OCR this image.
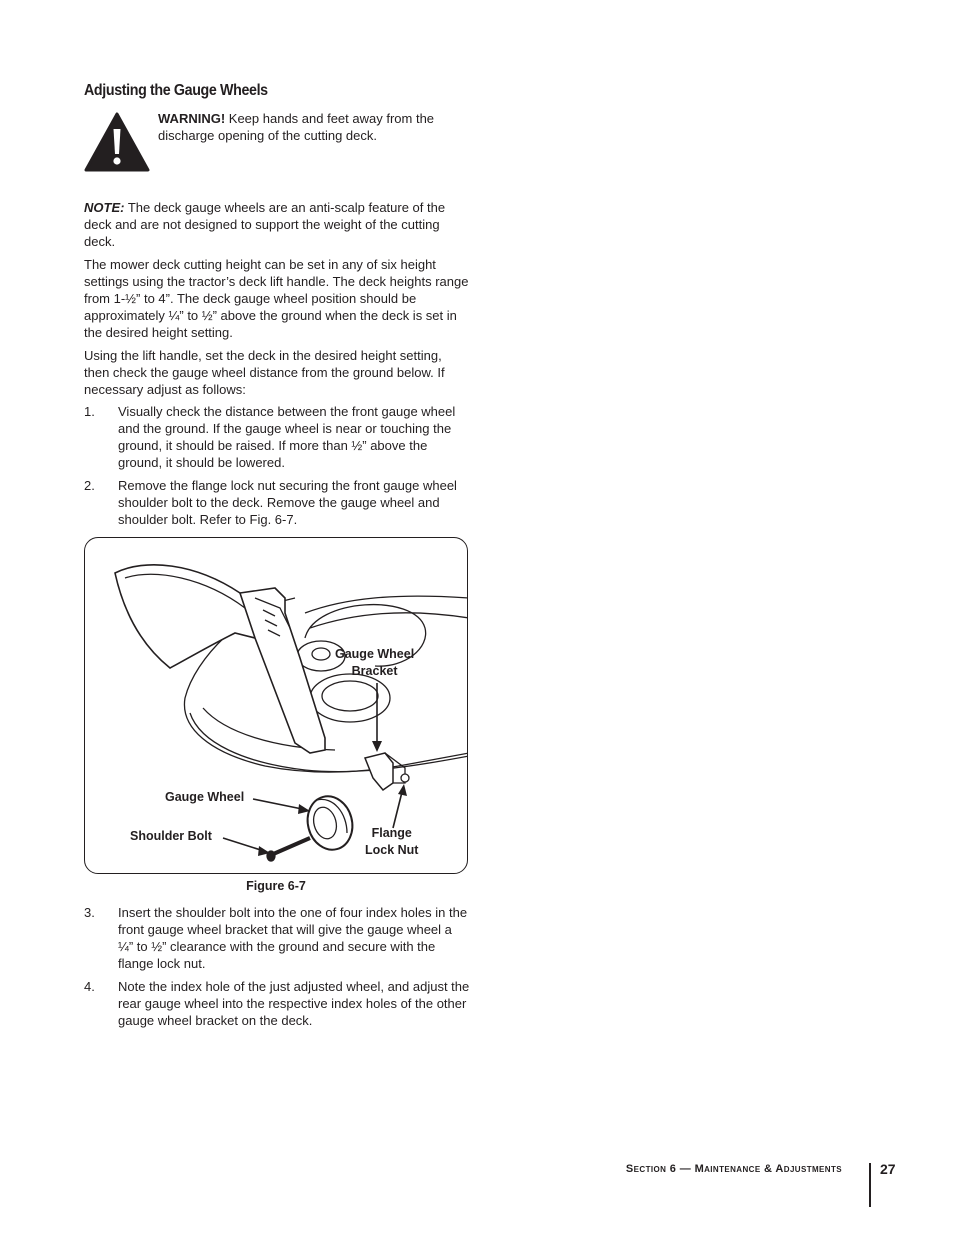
Adjusting the Gauge Wheels
WARNING! Keep hands and feet away from the discharge opening of the cutting deck.

NOTE: The deck gauge wheels are an anti-scalp feature of the deck and are not designed to support the weight of the cutting deck.

The mower deck cutting height can be set in any of six height settings using the tractor’s deck lift handle. The deck heights range from 1-½” to 4”. The deck gauge wheel position should be approximately ¼” to ½” above the ground when the deck is set in the desired height setting.

Using the lift handle, set the deck in the desired height setting, then check the gauge wheel distance from the ground below. If necessary adjust as follows:

1.	Visually check the distance between the front gauge wheel and the ground. If the gauge wheel is near or touching the ground, it should be raised. If more than ½” above the ground, it should be lowered.
2.	Remove the flange lock nut securing the front gauge wheel shoulder bolt to the deck. Remove the gauge wheel and shoulder bolt. Refer to Fig. 6-7.
Gauge Wheel
Bracket
Gauge Wheel
Shoulder Bolt	Flange
Lock Nut
Figure 6-7
3.	Insert the shoulder bolt into the one of four index holes in the front gauge wheel bracket that will give the gauge wheel a ¼” to ½” clearance with the ground and secure with the flange lock nut.
4.	Note the index hole of the just adjusted wheel, and adjust the rear gauge wheel into the respective index holes of the other gauge wheel bracket on the deck.
Section 6 — Maintenance & Adjustments	27
